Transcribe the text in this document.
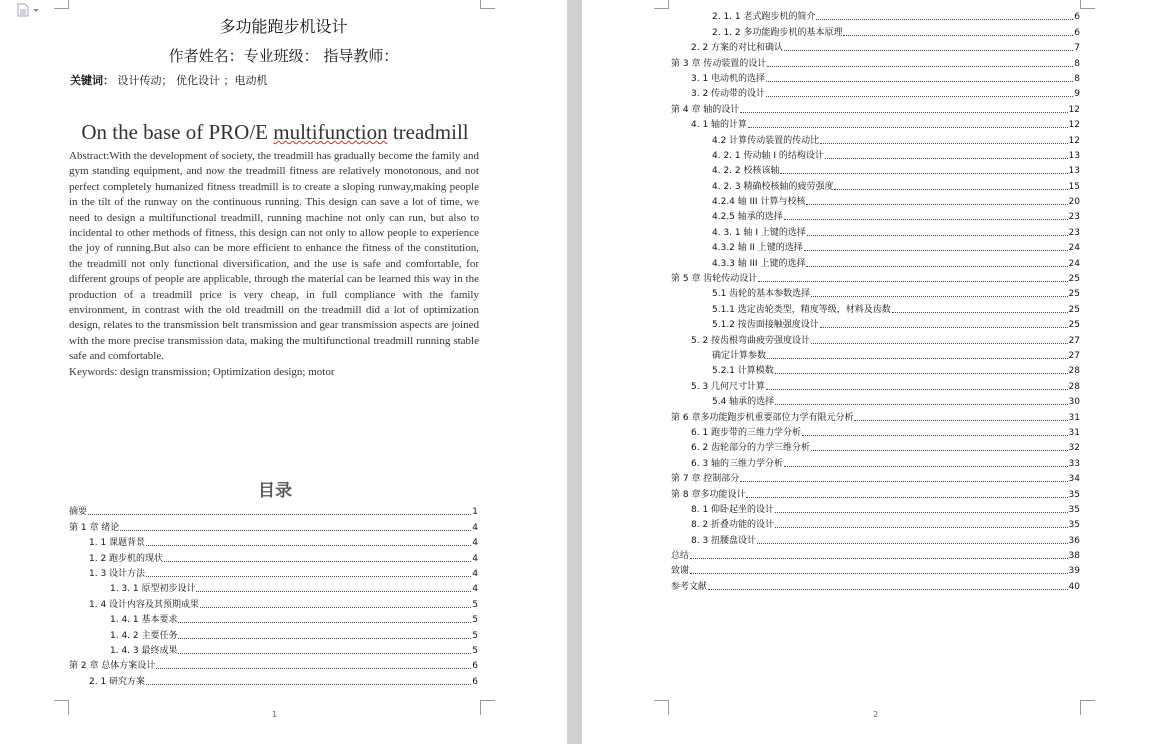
多功能跑步机设计
作者姓名：专业班级： 指导教师：
关键词： 设计传动； 优化设计 ；电动机
On the base of PRO/E multifunction treadmill

Abstract:With the development of society, the treadmill has gradually become the family and gym standing equipment, and now the treadmill fitness are relatively monotonous, and not perfect completely humanized fitness treadmill is to create a sloping runway,making people in the tilt of the runway on the continuous running. This design can save a lot of time, we need to design a multifunctional treadmill, running machine not only can run, but also to incidental to other methods of fitness, this design can not only to allow people to experience the joy of running.But also can be more efficient to enhance the fitness of the constitution, the treadmill not only functional diversification, and the use is safe and comfortable, for different groups of people are applicable, through the material can be learned this way in the production of a treadmill price is very cheap, in full compliance with the family environment, in contrast with the old treadmill on the treadmill did a lot of optimization design, relates to the transmission belt transmission and gear transmission aspects are joined with the more precise transmission data, making the multifunctional treadmill running stable safe and comfortable.

Keywords: design transmission; Optimization design; motor

目录
摘要	1
第 1 章 绪论	4
1. 1 课题背景	4
1. 2 跑步机的现状	4
1. 3 设计方法	4
1. 3. 1 原型初步设计	4
1. 4 设计内容及其预期成果	5
1. 4. 1 基本要求	5
1. 4. 2 主要任务	5
1. 4. 3 最终成果	5
第 2 章 总体方案设计	6
2. 1 研究方案	6
1	2
2. 1. 1 老式跑步机的简介	6
2. 1. 2 多功能跑步机的基本原理	6
2. 2 方案的对比和确认	7
第 3 章 传动装置的设计	8
3. 1 电动机的选择	8
3. 2 传动带的设计	9
第 4 章 轴的设计	12
4. 1 轴的计算	12
4.2 计算传动装置的传动比	12
4. 2. 1 传动轴 I 的结构设计	13
4. 2. 2 校核该轴	13
4. 2. 3 精确校核轴的疲劳强度	15
4.2.4 轴 III 计算与校核	20
4.2.5 轴承的选择	23
4. 3. 1 轴 I 上键的选择	23
4.3.2 轴 II 上键的选择	24
4.3.3 轴 III 上键的选择	24
第 5 章 齿轮传动设计	25
5.1 齿轮的基本参数选择	25
5.1.1 选定齿轮类型，精度等级，材料及齿数	25
5.1.2 按齿面接触强度设计	25
5. 2 按齿根弯曲疲劳强度设计	27
确定计算参数	27
5.2.1 计算模数	28
5. 3 几何尺寸计算	28
5.4 轴承的选择	30
第 6 章多功能跑步机重要部位力学有限元分析	31
6. 1 跑步带的三维力学分析	31
6. 2 齿轮部分的力学三维分析	32
6. 3 轴的三维力学分析	33
第 7 章 控制部分	34
第 8 章多功能设计	35
8. 1 仰卧起坐的设计	35
8. 2 折叠功能的设计	35
8. 3 扭腰盘设计	36
总结	38
致谢	39
参考文献	40
